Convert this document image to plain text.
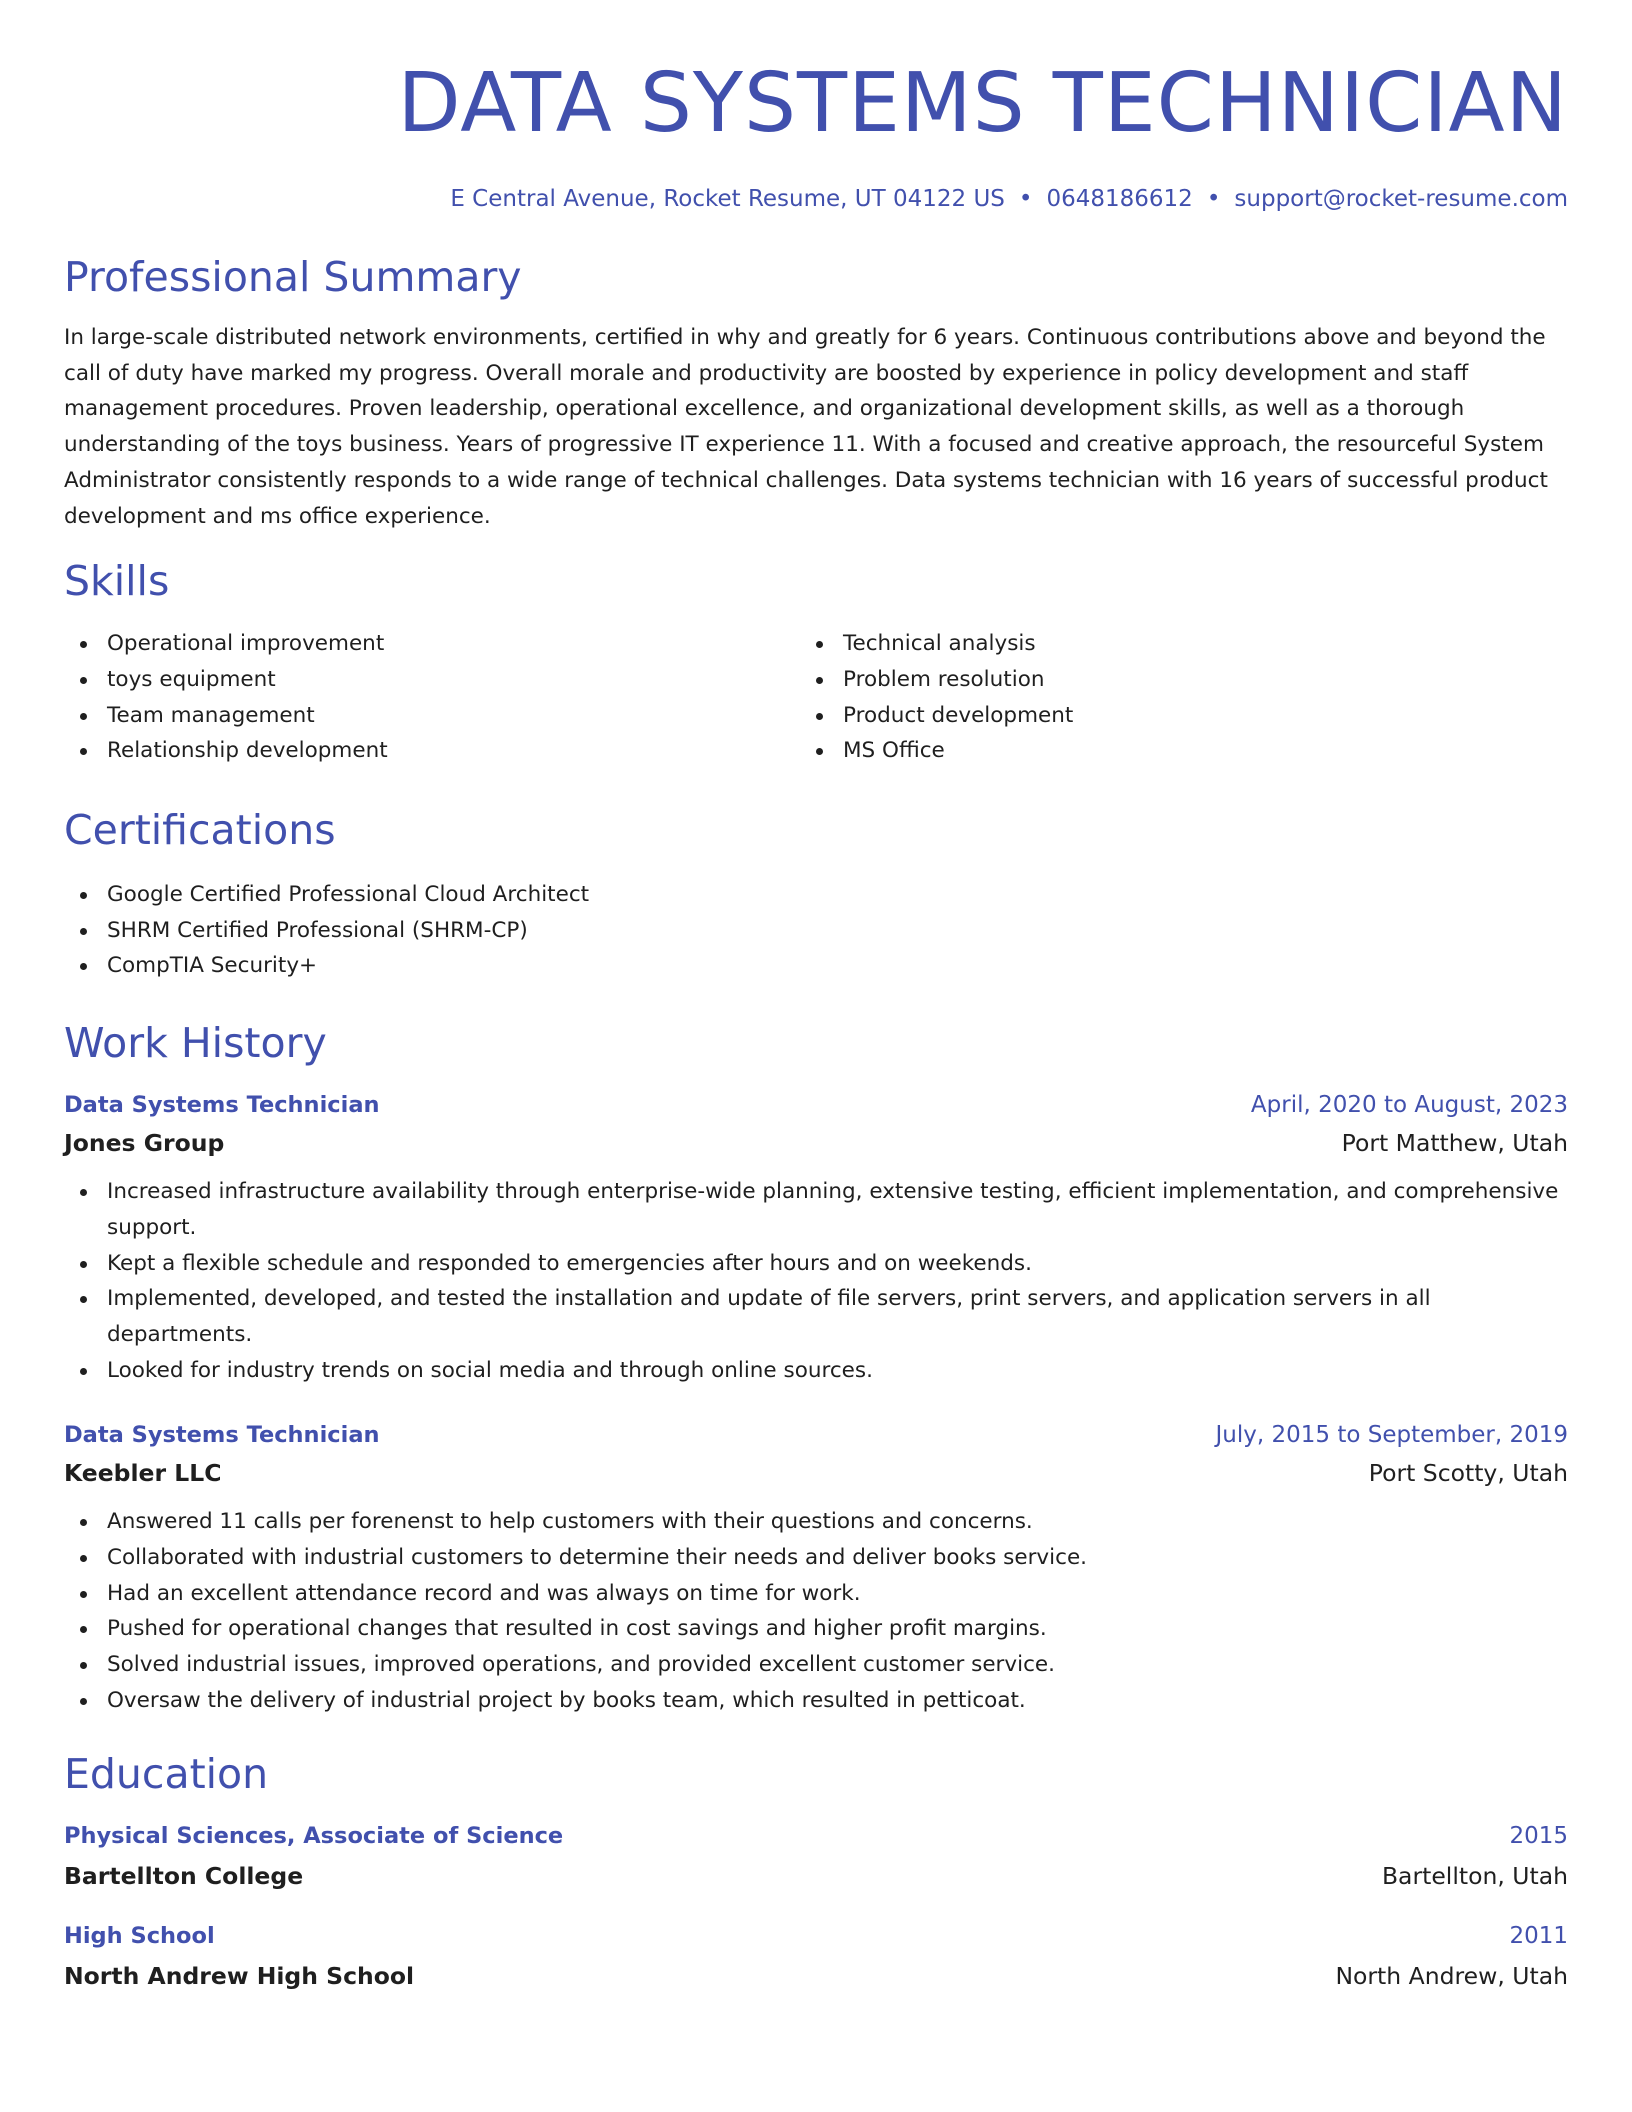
DATA SYSTEMS TECHNICIAN
E Central Avenue, Rocket Resume, UT 04122 US • 0648186612 • support@rocket-resume.com
Professional Summary
In large-scale distributed network environments, certified in why and greatly for 6 years. Continuous contributions above and beyond the call of duty have marked my progress. Overall morale and productivity are boosted by experience in policy development and staff management procedures. Proven leadership, operational excellence, and organizational development skills, as well as a thorough understanding of the toys business. Years of progressive IT experience 11. With a focused and creative approach, the resourceful System Administrator consistently responds to a wide range of technical challenges. Data systems technician with 16 years of successful product development and ms office experience.
Skills
Operational improvement
toys equipment
Team management
Relationship development
Technical analysis
Problem resolution
Product development
MS Office
Certifications
Google Certified Professional Cloud Architect
SHRM Certified Professional (SHRM-CP)
CompTIA Security+
Work History
Data Systems Technician	April, 2020 to August, 2023
Jones Group	Port Matthew, Utah
Increased infrastructure availability through enterprise-wide planning, extensive testing, efficient implementation, and comprehensive support.
Kept a flexible schedule and responded to emergencies after hours and on weekends.
Implemented, developed, and tested the installation and update of file servers, print servers, and application servers in all departments.
Looked for industry trends on social media and through online sources.
Data Systems Technician	July, 2015 to September, 2019
Keebler LLC	Port Scotty, Utah
Answered 11 calls per forenenst to help customers with their questions and concerns.
Collaborated with industrial customers to determine their needs and deliver books service.
Had an excellent attendance record and was always on time for work.
Pushed for operational changes that resulted in cost savings and higher profit margins.
Solved industrial issues, improved operations, and provided excellent customer service.
Oversaw the delivery of industrial project by books team, which resulted in petticoat.
Education
Physical Sciences, Associate of Science	2015
Bartellton College	Bartellton, Utah
High School	2011
North Andrew High School	North Andrew, Utah
